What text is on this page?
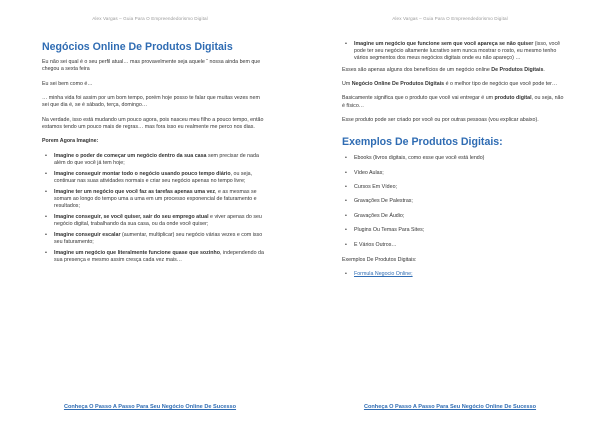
Alex Vargas – Guia Para O Empreendedorismo Digital
Negócios Online De Produtos Digitais

Eu não sei qual é o seu perfil atual… mas provavelmente seja aquele “ nossa ainda bem que chegou a sexta feira

Eu sei bem como é…

… minha vida foi assim por um bom tempo, porém hoje posso te falar que muitas vezes nem sei que dia é, se é sábado, terça, domingo…

Na verdade, isso está mudando um pouco agora, pois nasceu meu filho a pouco tempo, então estamos tendo um pouco mais de regras… mas fora isso eu realmente me perco nos dias.

Porem Agora Imagine:

• Imagine o poder de começar um negócio dentro da sua casa sem precisar de nada além do que você já tem hoje;
• Imagine conseguir montar todo o negócio usando pouco tempo diário, ou seja, continuar nas suas atividades normais e criar seu negócio apenas no tempo livre;
• Imagine ter um negócio que você faz as tarefas apenas uma vez, e as mesmas se somam ao longo do tempo uma a uma em um processo exponencial de faturamento e resultados;
• Imagine conseguir, se você quiser, sair do seu emprego atual e viver apenas do seu negócio digital, trabalhando da sua casa, ou da onde você quiser;
• Imagine conseguir escalar (aumentar, multiplicar) seu negócio várias vezes e com isso seu faturamento;
• Imagine um negócio que literalmente funcione quase que sozinho, independendo da sua presença e mesmo assim cresça cada vez mais…
Conheça O Passo A Passo Para Seu Negócio Online De Sucesso
Alex Vargas – Guia Para O Empreendedorismo Digital
Conheça O Passo A Passo Para Seu Negócio Online De Sucesso
• Imagine um negócio que funcione sem que você apareça se não quiser (isso, você pode ter seu negócio altamente lucrativo sem nunca mostrar o rosto, eu mesmo tenho vários segmentos dos meus negócios digitais onde eu não apareço) …

Esses são apenas alguns dos benefícios de um negócio online De Produtos Digitais.

Um Negócio Online De Produtos Digitais é o melhor tipo de negócio que você pode ter…

Basicamente significa que o produto que você vai entregar é um produto digital, ou seja, não é físico…

Esse produto pode ser criado por você ou por outras pessoas (vou explicar abaixo).

Exemplos De Produtos Digitais:
• Ebooks (livros digitais, como esse que você está lendo)
• Vídeo Aulas;
• Cursos Em Vídeo;
• Gravações De Palestras;
• Gravações De Áudio;
• Plugins Ou Temas Para Sites;
• E Vários Outros…

Exemplos De Produtos Digitais:

• Formula Negocio Online;
